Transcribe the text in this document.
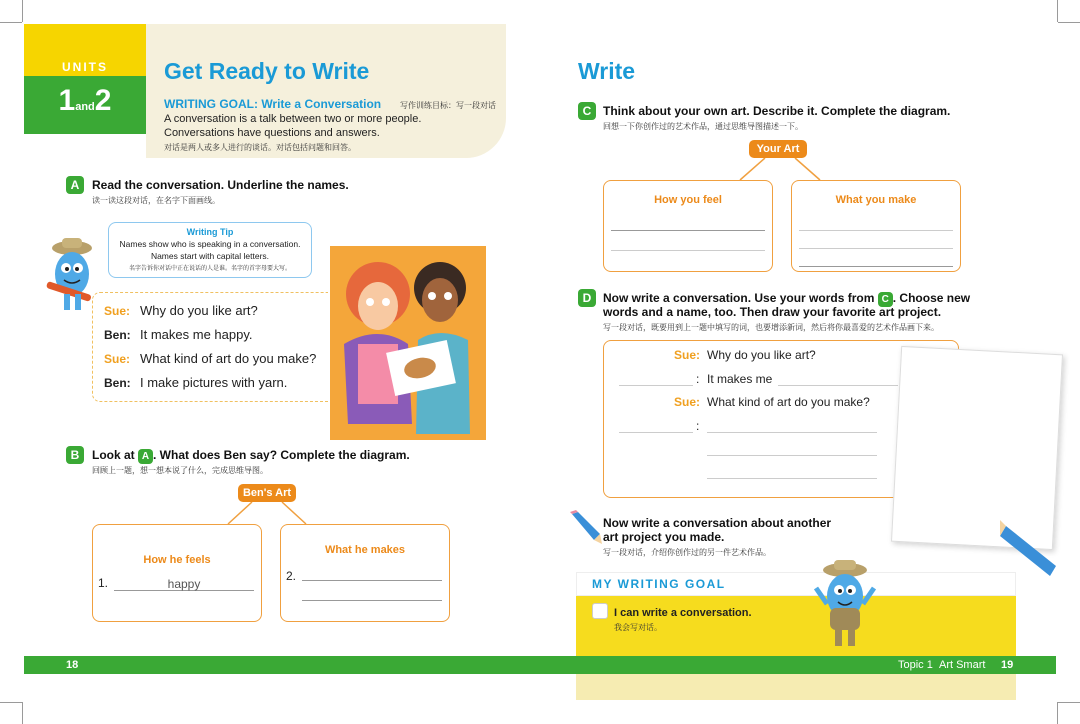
UNITS
1and2
Get Ready to Write
WRITING GOAL: Write a Conversation 写作训练目标：写一段对话
A conversation is a talk between two or more people.
Conversations have questions and answers.
对话是两人或多人进行的谈话。对话包括问题和回答。
A	Read the conversation. Underline the names.
读一读这段对话，在名字下面画线。
Writing Tip
Names show who is speaking in a conversation.
Names start with capital letters.
名字告诉你对话中正在说话的人是谁。名字的首字母要大写。
Sue: Why do you like art?
Ben: It makes me happy.
Sue: What kind of art do you make?
Ben: I make pictures with yarn.
B	Look at A . What does Ben say? Complete the diagram.
回顾上一题，想一想本说了什么，完成思维导图。
Ben's Art
How he feels
1.	happy
What he makes
2.
Write
C Think about your own art. Describe it. Complete the diagram.
回想一下你创作过的艺术作品，通过思维导图描述一下。
Your Art
How you feel	What you make
D Now write a conversation. Use your words from C . Choose new
words and a name, too. Then draw your favorite art project.
写一段对话，既要用到上一题中填写的词，也要增添新词，然后将你最喜爱的艺术作品画下来。
Sue: Why do you like art?
: It makes me
Sue: What kind of art do you make?
:
Now write a conversation about another
art project you made.
写一段对话，介绍你创作过的另一件艺术作品。
MY WRITING GOAL
I can write a conversation.
我会写对话。
18	Topic 1 Art Smart 19
